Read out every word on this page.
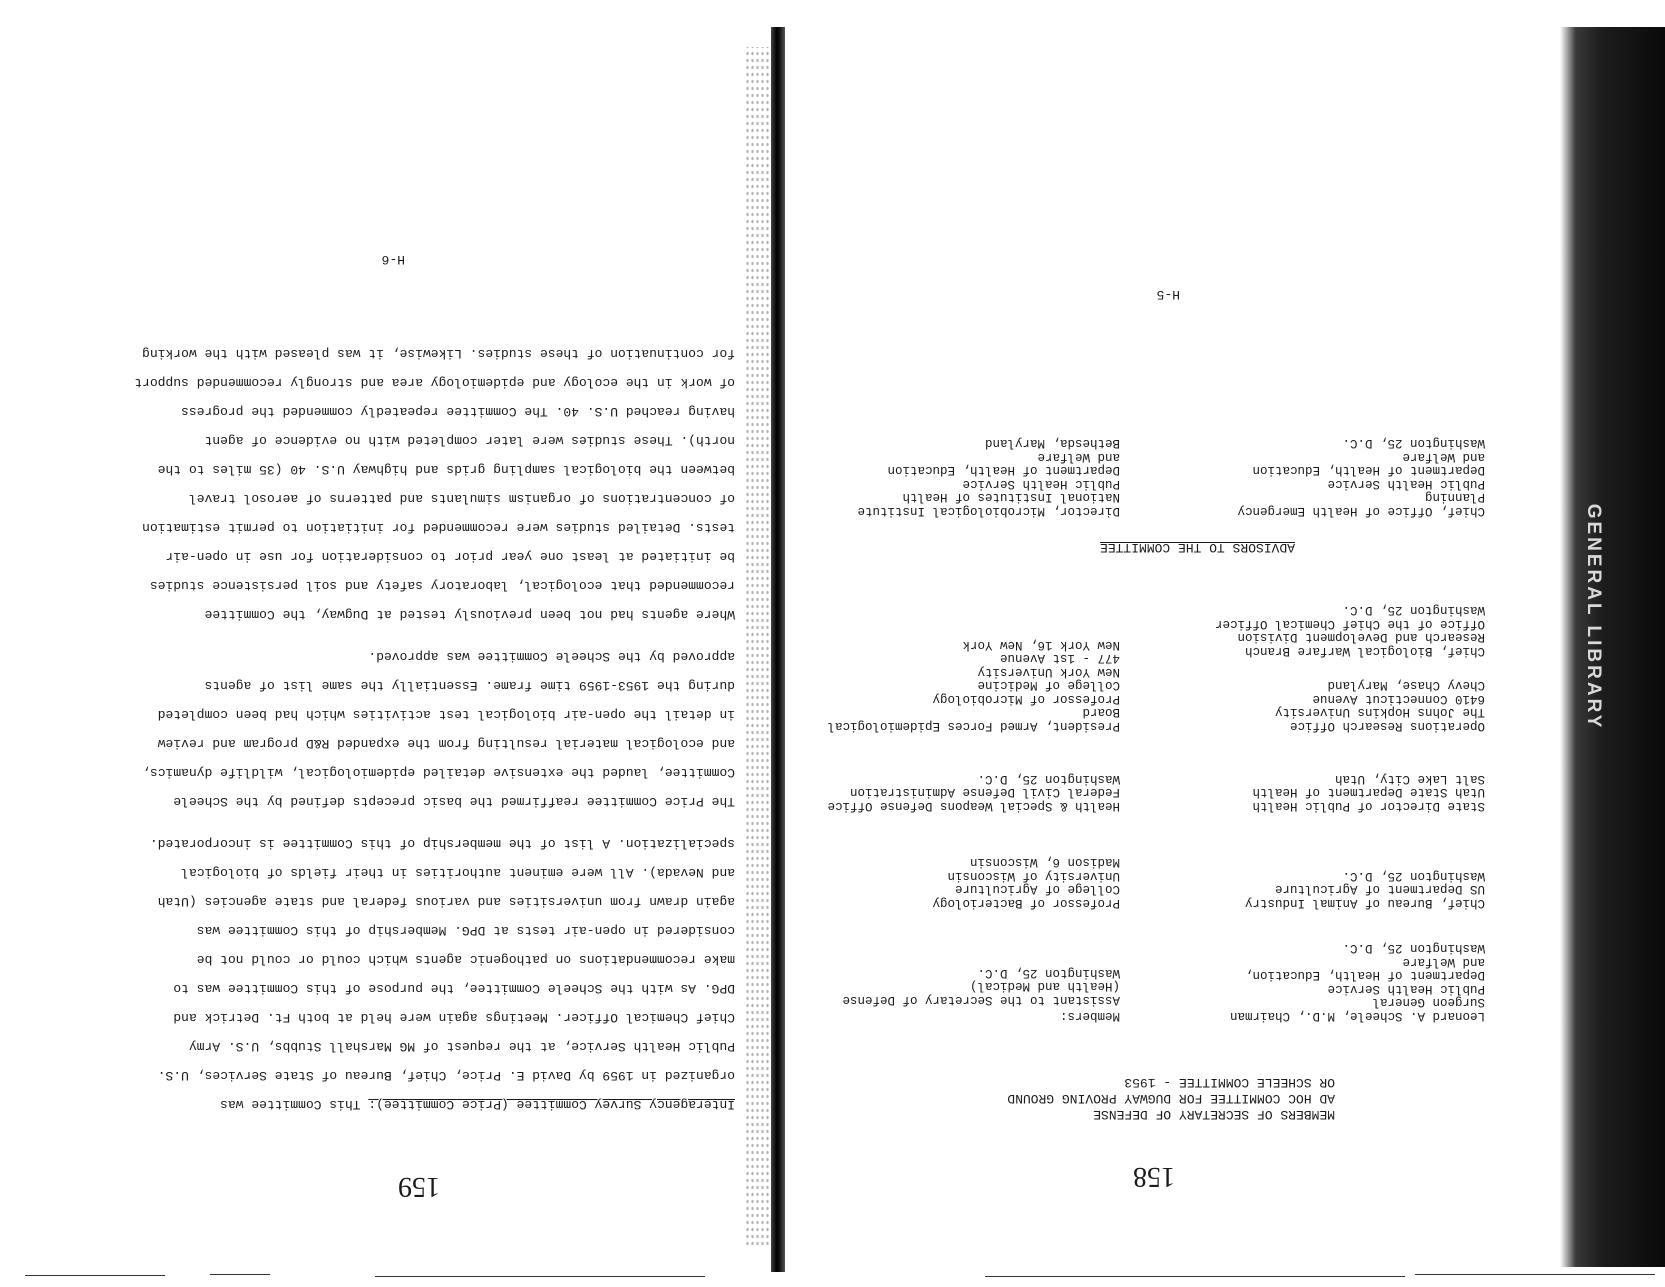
GENERAL LIBRARY
158
MEMBERS OF SECRETARY OF DEFENSE
AD HOC COMMITTEE FOR DUGWAY PROVING GROUND
OR SCHEELE COMMITTEE - 1953
Leonard A. Scheele, M.D., Chairman
Surgeon General
Public Health Service
Department of Health, Education,
and Welfare
Washington 25, D.C.
Members:
Assistant to the Secretary of Defense
(Health and Medical)
Washington 25, D.C.
Chief, Bureau of Animal Industry
US Department of Agriculture
Washington 25, D.C.
Professor of Bacteriology
College of Agriculture
University of Wisconsin
Madison 6, Wisconsin
State Director of Public Health
Utah State Department of Health
Salt Lake City, Utah
Health & Special Weapons Defense Office
Federal Civil Defense Administration
Washington 25, D.C.
Operations Research Office
The Johns Hopkins University
6410 Connecticut Avenue
Chevy Chase, Maryland
President, Armed Forces Epidemiological
Board
Professor of Microbiology
College of Medicine
New York University
477 - 1st Avenue
New York 16, New York	Chief, Biological Warfare Branch
Research and Development Division
Office of the Chief Chemical Officer
Washington 25, D.C.
ADVISORS TO THE COMMITTEE
Chief, Office of Health Emergency
Planning
Public Health Service
Department of Health, Education
and Welfare
Washington 25, D.C.
Director, Microbiological Institute
National Institutes of Health
Public Health Service
Department of Health, Education
and Welfare
Bethesda, Maryland
H-5
159
Interagency Survey Committee (Price Committee): This Committee was
organized in 1959 by David E. Price, Chief, Bureau of State Services, U.S.
Public Health Service, at the request of MG Marshall Stubbs, U.S. Army
Chief Chemical Officer. Meetings again were held at both Ft. Detrick and
DPG. As with the Scheele Committee, the purpose of this Committee was to
make recommendations on pathogenic agents which could or could not be
considered in open-air tests at DPG. Membership of this Committee was
again drawn from universities and various federal and state agencies (Utah
and Nevada). All were eminent authorities in their fields of biological
specialization. A list of the membership of this Committee is incorporated.
The Price Committee reaffirmed the basic precepts defined by the Scheele
Committee, lauded the extensive detailed epidemiological, wildlife dynamics,
and ecological material resulting from the expanded R&D program and review
in detail the open-air biological test activities which had been completed
during the 1953-1959 time frame. Essentially the same list of agents
approved by the Scheele Committee was approved.
Where agents had not been previously tested at Dugway, the Committee
recommended that ecological, laboratory safety and soil persistence studies
be initiated at least one year prior to consideration for use in open-air
tests. Detailed studies were recommended for initiation to permit estimation
of concentrations of organism simulants and patterns of aerosol travel
between the biological sampling grids and highway U.S. 40 (35 miles to the
north). These studies were later completed with no evidence of agent
having reached U.S. 40. The Committee repeatedly commended the progress
of work in the ecology and epidemiology area and strongly recommended support
for continuation of these studies. Likewise, it was pleased with the working
H-6
